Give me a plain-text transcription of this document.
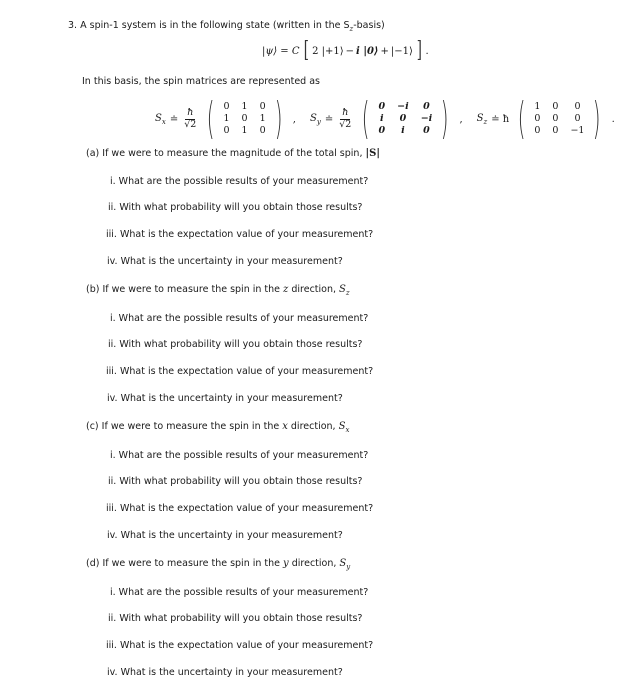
3. A spin-1 system is in the following state (written in the $S_z-basis$)
|ψ⟩ = C [ 2 |+1⟩ − i |0⟩ + |−1⟩ ] .
In this basis, the spin matrices are represented as
$S_x$ ≐ $\frac{ħ}{√2}$ ( 0 1 0
1 0 1
0 1 0 ) , $S_y$ ≐ $\frac{ħ}{√2}$ ( 0 −i 0
i 0 −i
0	i	0 ) , $S_z$ ≐ ħ ( 1 0	0
0 0	0
0 0 −1 ) .
(a) If we were to measure the magnitude of the total spin, |S|
i. What are the possible results of your measurement?
ii. With what probability will you obtain those results?
iii. What is the expectation value of your measurement?
iv. What is the uncertainty in your measurement?
(b) If we were to measure the spin in the z direction, $S_z$
i. What are the possible results of your measurement?
ii. With what probability will you obtain those results?
iii. What is the expectation value of your measurement?
iv. What is the uncertainty in your measurement?
(c) If we were to measure the spin in the x direction, $S_x$
i. What are the possible results of your measurement?
ii. With what probability will you obtain those results?
iii. What is the expectation value of your measurement?
iv. What is the uncertainty in your measurement?
(d) If we were to measure the spin in the y direction, $S_y$
i. What are the possible results of your measurement?
ii. With what probability will you obtain those results?
iii. What is the expectation value of your measurement?
iv. What is the uncertainty in your measurement?
